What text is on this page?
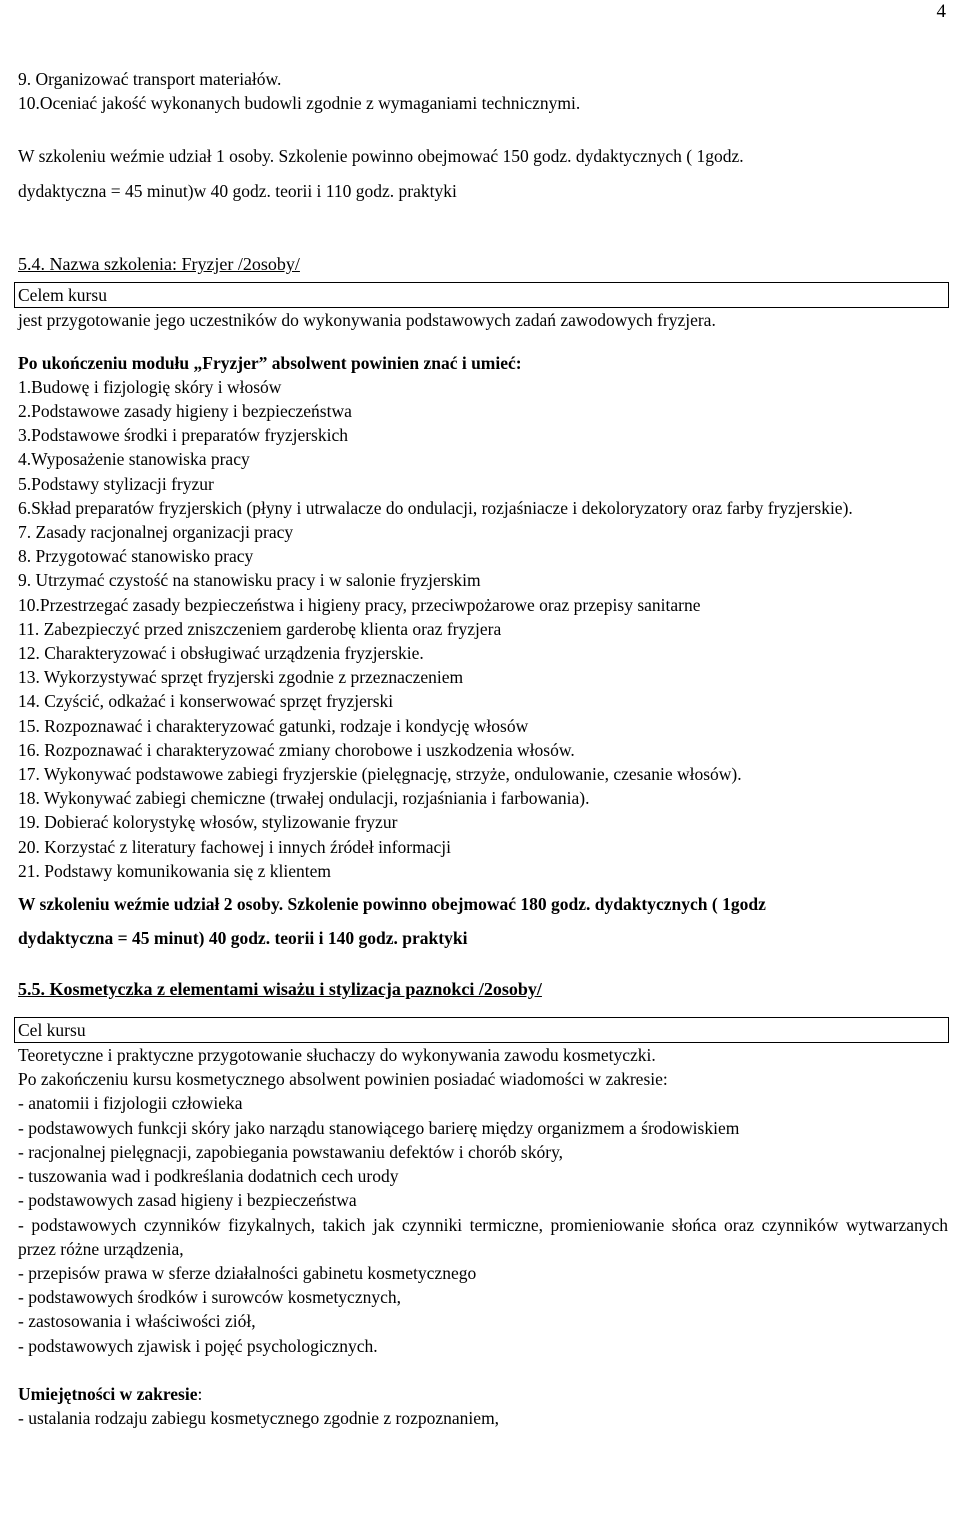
4

9. Organizować transport materiałów.

10.Oceniać jakość wykonanych budowli zgodnie z wymaganiami technicznymi.

W szkoleniu weźmie udział 1 osoby. Szkolenie powinno obejmować 150 godz. dydaktycznych ( 1godz.

dydaktyczna = 45 minut)w 40 godz. teorii i 110 godz. praktyki

5.4. Nazwa szkolenia: Fryzjer /2osoby/

Celem kursu

jest przygotowanie jego uczestników do wykonywania podstawowych zadań zawodowych fryzjera.

Po ukończeniu modułu „Fryzjer” absolwent powinien znać i umieć:

1.Budowę i fizjologię skóry i włosów

2.Podstawowe zasady higieny i bezpieczeństwa

3.Podstawowe środki i preparatów fryzjerskich

4.Wyposażenie stanowiska pracy

5.Podstawy stylizacji fryzur

6.Skład preparatów fryzjerskich (płyny i utrwalacze do ondulacji, rozjaśniacze i dekoloryzatory oraz farby fryzjerskie).

7. Zasady racjonalnej organizacji pracy

8. Przygotować stanowisko pracy

9. Utrzymać czystość na stanowisku pracy i w salonie fryzjerskim

10.Przestrzegać zasady bezpieczeństwa i higieny pracy, przeciwpożarowe oraz przepisy sanitarne

11. Zabezpieczyć przed zniszczeniem garderobę klienta oraz fryzjera

12. Charakteryzować i obsługiwać urządzenia fryzjerskie.

13. Wykorzystywać sprzęt fryzjerski zgodnie z przeznaczeniem

14. Czyścić, odkażać i konserwować sprzęt fryzjerski

15. Rozpoznawać i charakteryzować gatunki, rodzaje i kondycję włosów

16. Rozpoznawać i charakteryzować zmiany chorobowe i uszkodzenia włosów.

17. Wykonywać podstawowe zabiegi fryzjerskie (pielęgnację, strzyże, ondulowanie, czesanie włosów).

18. Wykonywać zabiegi chemiczne (trwałej ondulacji, rozjaśniania i farbowania).

19. Dobierać kolorystykę włosów, stylizowanie fryzur

20. Korzystać z literatury fachowej i innych źródeł informacji

21. Podstawy komunikowania się z klientem

W szkoleniu weźmie udział 2 osoby. Szkolenie powinno obejmować 180 godz. dydaktycznych ( 1godz

dydaktyczna = 45 minut) 40 godz. teorii i 140 godz. praktyki

5.5. Kosmetyczka z elementami wisażu i stylizacja paznokci /2osoby/

Cel kursu

Teoretyczne i praktyczne przygotowanie słuchaczy do wykonywania zawodu kosmetyczki.

Po zakończeniu kursu kosmetycznego absolwent powinien posiadać wiadomości w zakresie:

- anatomii i fizjologii człowieka

- podstawowych funkcji skóry jako narządu stanowiącego barierę między organizmem a środowiskiem

- racjonalnej pielęgnacji, zapobiegania powstawaniu defektów i chorób skóry,

- tuszowania wad i podkreślania dodatnich cech urody

- podstawowych zasad higieny i bezpieczeństwa

- podstawowych czynników fizykalnych, takich jak czynniki termiczne, promieniowanie słońca oraz czynników wytwarzanych przez różne urządzenia,

- przepisów prawa w sferze działalności gabinetu kosmetycznego

- podstawowych środków i surowców kosmetycznych,

- zastosowania i właściwości ziół,

- podstawowych zjawisk i pojęć psychologicznych.

Umiejętności w zakresie:

- ustalania rodzaju zabiegu kosmetycznego zgodnie z rozpoznaniem,
